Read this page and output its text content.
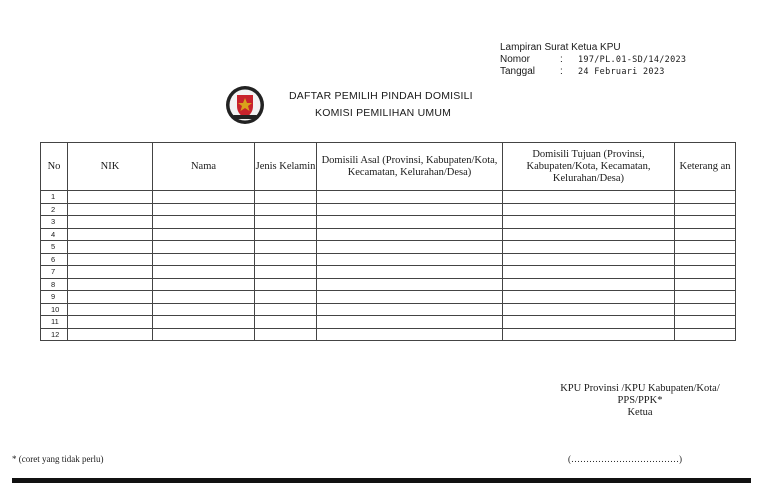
Lampiran Surat Ketua KPU
Nomor	:	197/PL.01-SD/14/2023
Tanggal	:	24 Februari 2023
DAFTAR PEMILIH PINDAH DOMISILI
KOMISI PEMILIHAN UMUM
No	NIK	Nama	Jenis Kelamin	Domisili Asal (Provinsi, Kabupaten/Kota, Kecamatan, Kelurahan/Desa)	Domisili Tujuan (Provinsi, Kabupaten/Kota, Kecamatan, Kelurahan/Desa)	Keterang an
1						
2						
3						
4						
5						
6						
7						
8						
9						
10						
11						
12						
KPU Provinsi /KPU Kabupaten/Kota/
PPS/PPK*
Ketua
* (coret yang tidak perlu)	(………………………………)
